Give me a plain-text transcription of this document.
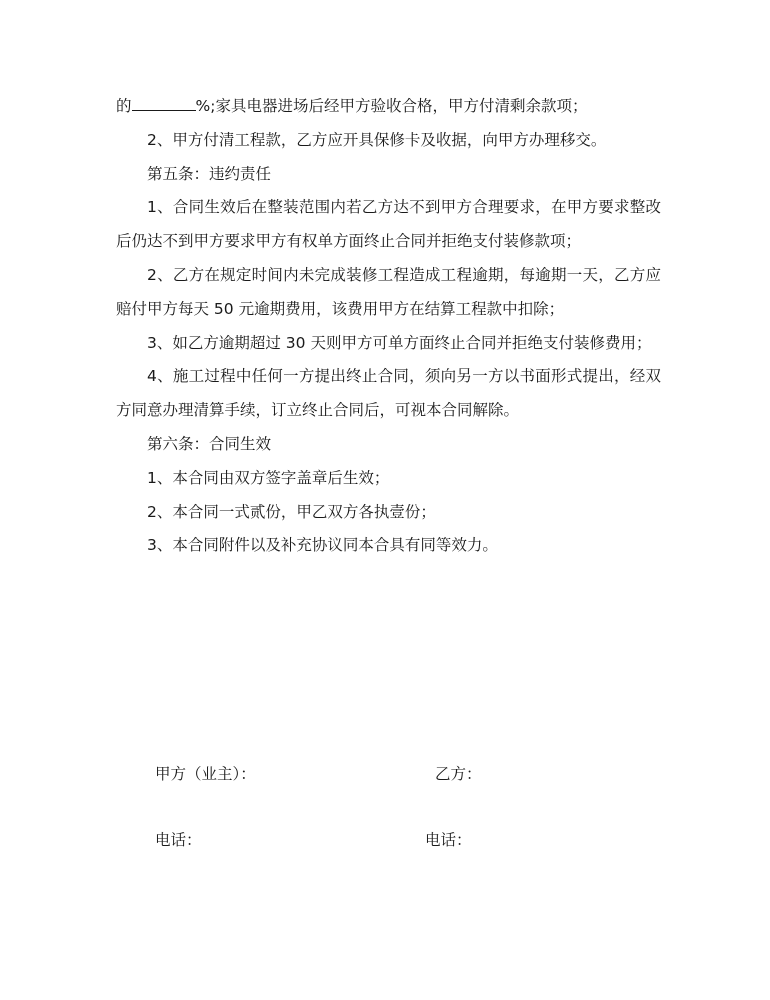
的	%;家具电器进场后经甲方验收合格，甲方付清剩余款项；

2、甲方付清工程款，乙方应开具保修卡及收据，向甲方办理移交。

第五条：违约责任

1、合同生效后在整装范围内若乙方达不到甲方合理要求，在甲方要求整改后仍达不到甲方要求甲方有权单方面终止合同并拒绝支付装修款项；

2、乙方在规定时间内未完成装修工程造成工程逾期，每逾期一天，乙方应赔付甲方每天 50 元逾期费用，该费用甲方在结算工程款中扣除；

3、如乙方逾期超过 30 天则甲方可单方面终止合同并拒绝支付装修费用；

4、施工过程中任何一方提出终止合同，须向另一方以书面形式提出，经双方同意办理清算手续，订立终止合同后，可视本合同解除。

第六条：合同生效

1、本合同由双方签字盖章后生效；

2、本合同一式贰份，甲乙双方各执壹份；

3、本合同附件以及补充协议同本合具有同等效力。

甲方（业主）：	乙方：
电话：	电话：
